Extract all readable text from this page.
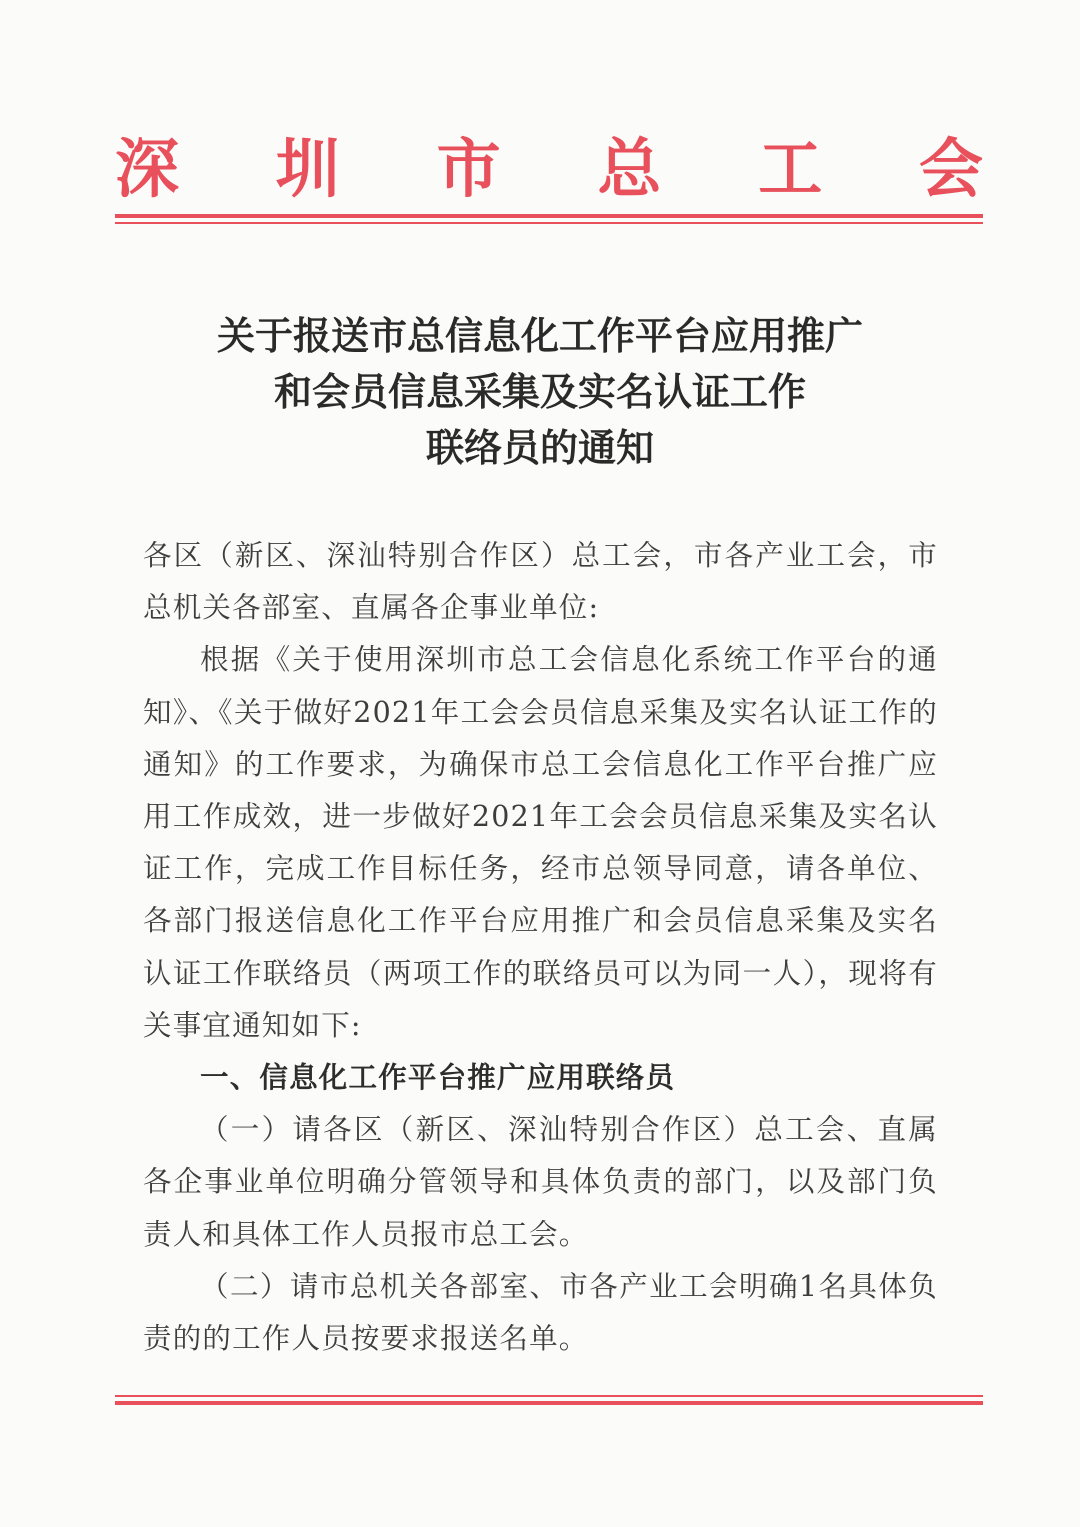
深 圳 市 总 工 会
关于报送市总信息化工作平台应用推广
和会员信息采集及实名认证工作
联络员的通知

各区（新区、深汕特别合作区）总工会，市各产业工会，市总机关各部室、直属各企事业单位:

根据《关于使用深圳市总工会信息化系统工作平台的通知》、《关于做好2021年工会会员信息采集及实名认证工作的通知》的工作要求，为确保市总工会信息化工作平台推广应用工作成效，进一步做好2021年工会会员信息采集及实名认证工作，完成工作目标任务，经市总领导同意，请各单位、各部门报送信息化工作平台应用推广和会员信息采集及实名认证工作联络员（两项工作的联络员可以为同一人），现将有关事宜通知如下:

一、信息化工作平台推广应用联络员

（一）请各区（新区、深汕特别合作区）总工会、直属各企事业单位明确分管领导和具体负责的部门，以及部门负责人和具体工作人员报市总工会。

（二）请市总机关各部室、市各产业工会明确1名具体负责的的工作人员按要求报送名单。
